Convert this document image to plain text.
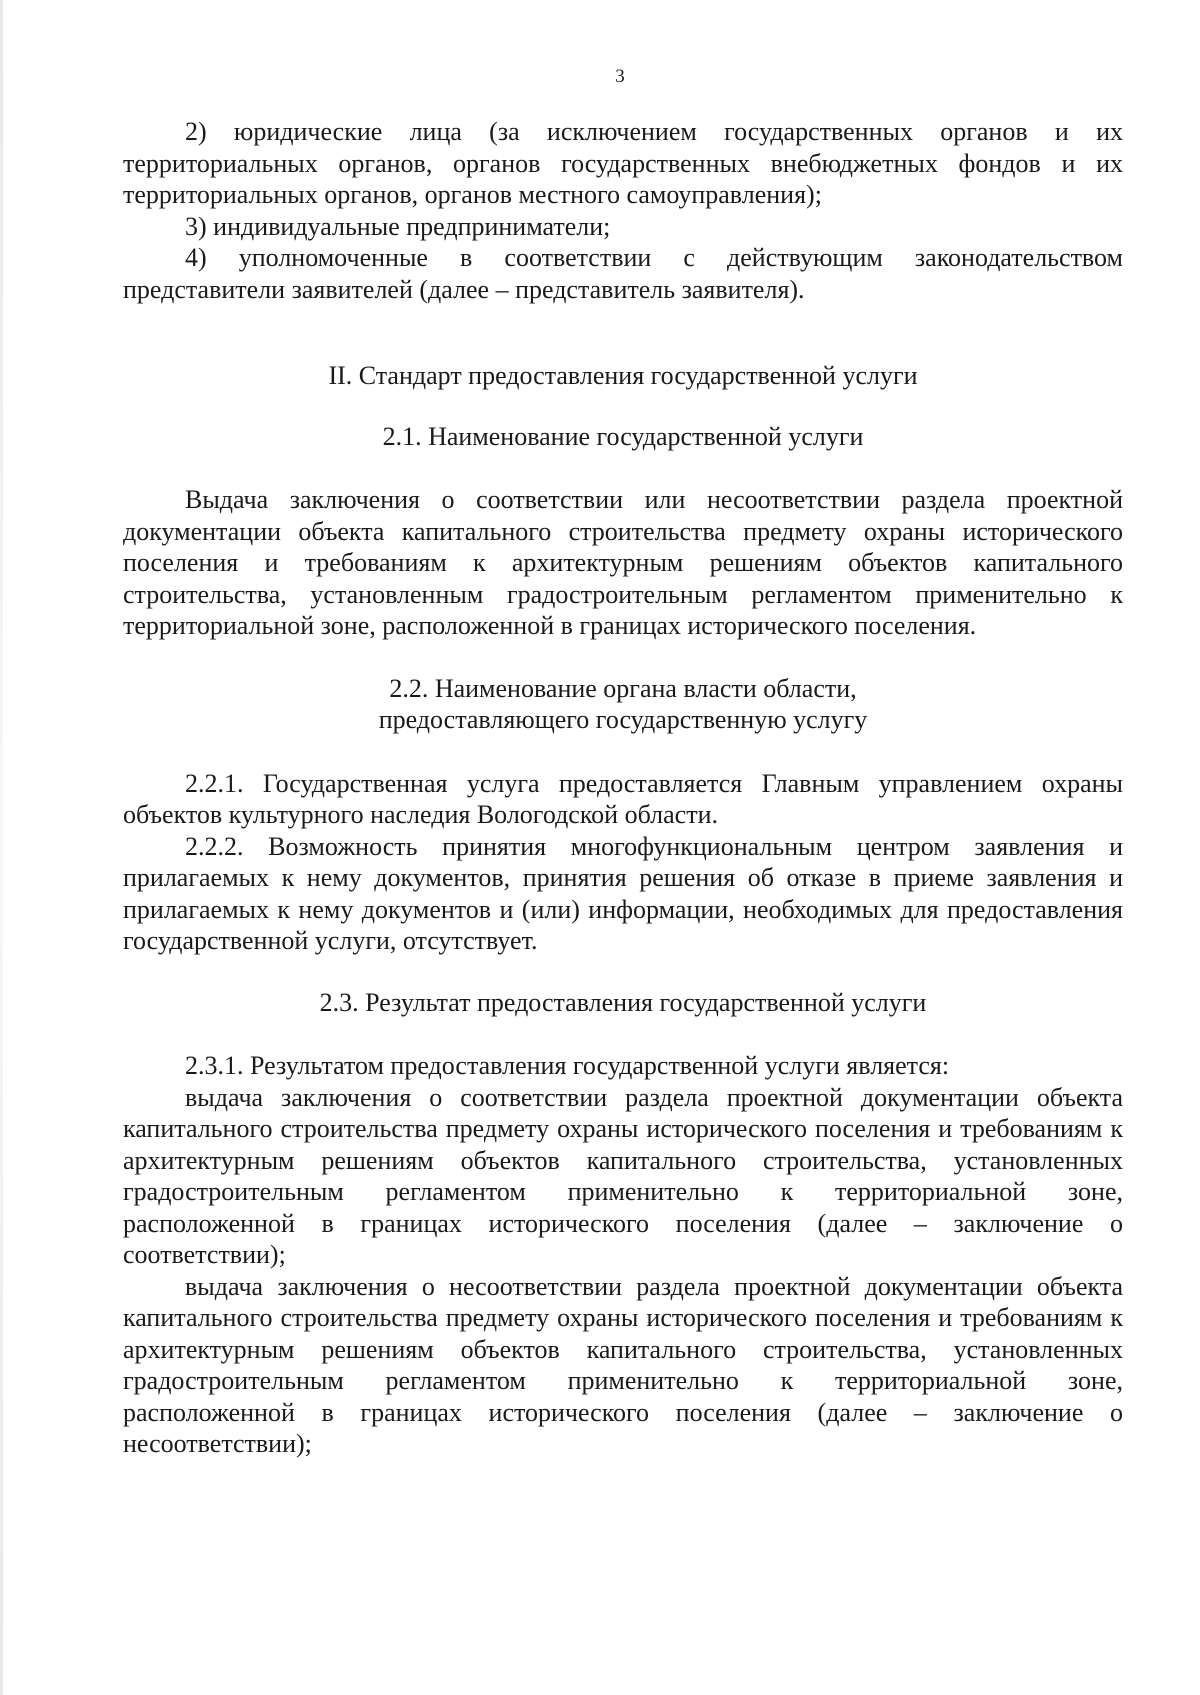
3

2) юридические лица (за исключением государственных органов и их территориальных органов, органов государственных внебюджетных фондов и их территориальных органов, органов местного самоуправления);

3) индивидуальные предприниматели;

4) уполномоченные в соответствии с действующим законодательством представители заявителей (далее – представитель заявителя).

II. Стандарт предоставления государственной услуги

2.1. Наименование государственной услуги

Выдача заключения о соответствии или несоответствии раздела проектной документации объекта капитального строительства предмету охраны исторического поселения и требованиям к архитектурным решениям объектов капитального строительства, установленным градостроительным регламентом применительно к территориальной зоне, расположенной в границах исторического поселения.

2.2. Наименование органа власти области,

предоставляющего государственную услугу

2.2.1. Государственная услуга предоставляется Главным управлением охраны объектов культурного наследия Вологодской области.

2.2.2. Возможность принятия многофункциональным центром заявления и прилагаемых к нему документов, принятия решения об отказе в приеме заявления и прилагаемых к нему документов и (или) информации, необходимых для предоставления государственной услуги, отсутствует.

2.3. Результат предоставления государственной услуги

2.3.1. Результатом предоставления государственной услуги является:

выдача заключения о соответствии раздела проектной документации объекта капитального строительства предмету охраны исторического поселения и требованиям к архитектурным решениям объектов капитального строительства, установленных градостроительным регламентом применительно к территориальной зоне, расположенной в границах исторического поселения (далее – заключение о соответствии);

выдача заключения о несоответствии раздела проектной документации объекта капитального строительства предмету охраны исторического поселения и требованиям к архитектурным решениям объектов капитального строительства, установленных градостроительным регламентом применительно к территориальной зоне, расположенной в границах исторического поселения (далее – заключение о несоответствии);
